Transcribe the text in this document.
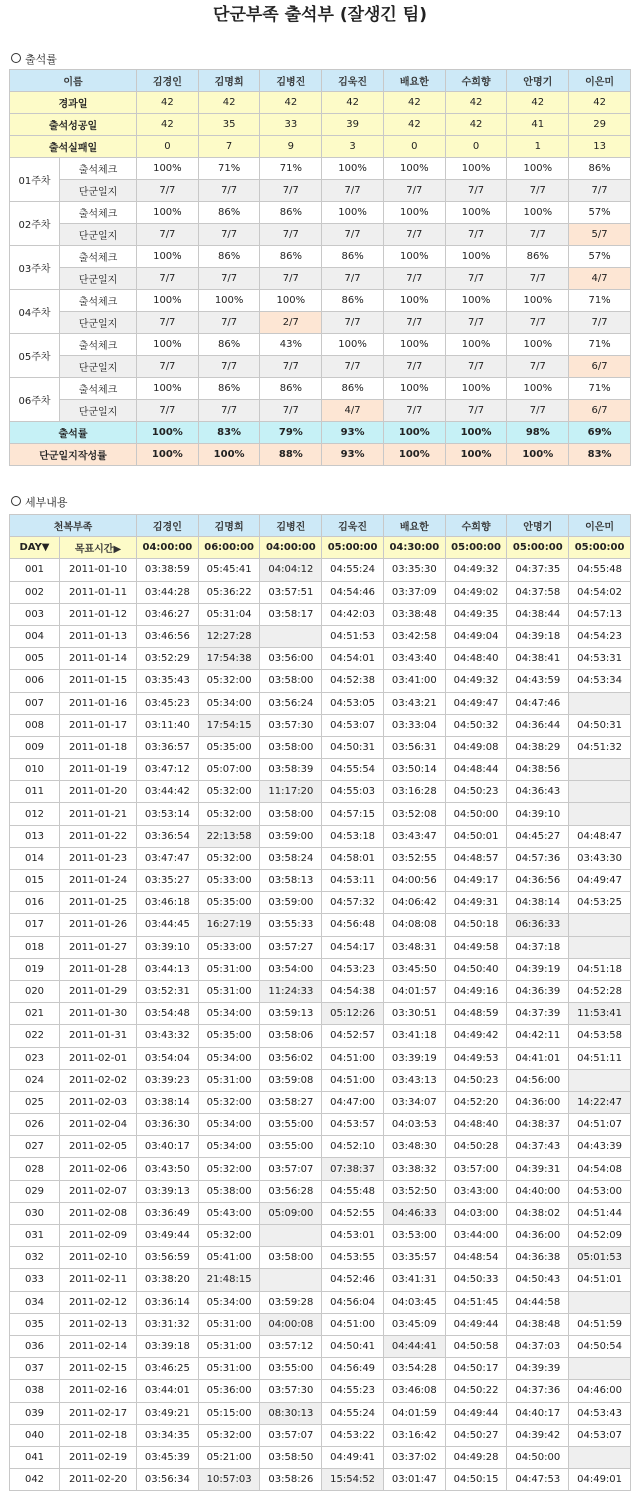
단군부족 출석부 (잘생긴 팀)
출석률
이름		김경인	김명희	김병진	김욱진	배요한	수희향	안명기	이은미
경과일		42	42	42	42	42	42	42	42
출석성공일		42	35	33	39	42	42	41	29
출석실패일		0	7	9	3	0	0	1	13
01주차	출석체크	100%	71%	71%	100%	100%	100%	100%	86%
	단군일지	7/7	7/7	7/7	7/7	7/7	7/7	7/7	7/7
02주차	출석체크	100%	86%	86%	100%	100%	100%	100%	57%
	단군일지	7/7	7/7	7/7	7/7	7/7	7/7	7/7	5/7
03주차	출석체크	100%	86%	86%	86%	100%	100%	86%	57%
	단군일지	7/7	7/7	7/7	7/7	7/7	7/7	7/7	4/7
04주차	출석체크	100%	100%	100%	86%	100%	100%	100%	71%
	단군일지	7/7	7/7	2/7	7/7	7/7	7/7	7/7	7/7
05주차	출석체크	100%	86%	43%	100%	100%	100%	100%	71%
	단군일지	7/7	7/7	7/7	7/7	7/7	7/7	7/7	6/7
06주차	출석체크	100%	86%	86%	86%	100%	100%	100%	71%
	단군일지	7/7	7/7	7/7	4/7	7/7	7/7	7/7	6/7
출석률		100%	83%	79%	93%	100%	100%	98%	69%
단군일지작성률		100%	100%	88%	93%	100%	100%	100%	83%
세부내용
천복부족		김경인	김명희	김병진	김욱진	배요한	수희향	안명기	이은미
DAY▼	목표시간▶	04:00:00	06:00:00	04:00:00	05:00:00	04:30:00	05:00:00	05:00:00	05:00:00
001	2011-01-10	03:38:59	05:45:41	04:04:12	04:55:24	03:35:30	04:49:32	04:37:35	04:55:48
002	2011-01-11	03:44:28	05:36:22	03:57:51	04:54:46	03:37:09	04:49:02	04:37:58	04:54:02
003	2011-01-12	03:46:27	05:31:04	03:58:17	04:42:03	03:38:48	04:49:35	04:38:44	04:57:13
004	2011-01-13	03:46:56	12:27:28		04:51:53	03:42:58	04:49:04	04:39:18	04:54:23
005	2011-01-14	03:52:29	17:54:38	03:56:00	04:54:01	03:43:40	04:48:40	04:38:41	04:53:31
006	2011-01-15	03:35:43	05:32:00	03:58:00	04:52:38	03:41:00	04:49:32	04:43:59	04:53:34
007	2011-01-16	03:45:23	05:34:00	03:56:24	04:53:05	03:43:21	04:49:47	04:47:46	
008	2011-01-17	03:11:40	17:54:15	03:57:30	04:53:07	03:33:04	04:50:32	04:36:44	04:50:31
009	2011-01-18	03:36:57	05:35:00	03:58:00	04:50:31	03:56:31	04:49:08	04:38:29	04:51:32
010	2011-01-19	03:47:12	05:07:00	03:58:39	04:55:54	03:50:14	04:48:44	04:38:56	
011	2011-01-20	03:44:42	05:32:00	11:17:20	04:55:03	03:16:28	04:50:23	04:36:43	
012	2011-01-21	03:53:14	05:32:00	03:58:00	04:57:15	03:52:08	04:50:00	04:39:10	
013	2011-01-22	03:36:54	22:13:58	03:59:00	04:53:18	03:43:47	04:50:01	04:45:27	04:48:47
014	2011-01-23	03:47:47	05:32:00	03:58:24	04:58:01	03:52:55	04:48:57	04:57:36	03:43:30
015	2011-01-24	03:35:27	05:33:00	03:58:13	04:53:11	04:00:56	04:49:17	04:36:56	04:49:47
016	2011-01-25	03:46:18	05:35:00	03:59:00	04:57:32	04:06:42	04:49:31	04:38:14	04:53:25
017	2011-01-26	03:44:45	16:27:19	03:55:33	04:56:48	04:08:08	04:50:18	06:36:33	
018	2011-01-27	03:39:10	05:33:00	03:57:27	04:54:17	03:48:31	04:49:58	04:37:18	
019	2011-01-28	03:44:13	05:31:00	03:54:00	04:53:23	03:45:50	04:50:40	04:39:19	04:51:18
020	2011-01-29	03:52:31	05:31:00	11:24:33	04:54:38	04:01:57	04:49:16	04:36:39	04:52:28
021	2011-01-30	03:54:48	05:34:00	03:59:13	05:12:26	03:30:51	04:48:59	04:37:39	11:53:41
022	2011-01-31	03:43:32	05:35:00	03:58:06	04:52:57	03:41:18	04:49:42	04:42:11	04:53:58
023	2011-02-01	03:54:04	05:34:00	03:56:02	04:51:00	03:39:19	04:49:53	04:41:01	04:51:11
024	2011-02-02	03:39:23	05:31:00	03:59:08	04:51:00	03:43:13	04:50:23	04:56:00	
025	2011-02-03	03:38:14	05:32:00	03:58:27	04:47:00	03:34:07	04:52:20	04:36:00	14:22:47
026	2011-02-04	03:36:30	05:34:00	03:55:00	04:53:57	04:03:53	04:48:40	04:38:37	04:51:07
027	2011-02-05	03:40:17	05:34:00	03:55:00	04:52:10	03:48:30	04:50:28	04:37:43	04:43:39
028	2011-02-06	03:43:50	05:32:00	03:57:07	07:38:37	03:38:32	03:57:00	04:39:31	04:54:08
029	2011-02-07	03:39:13	05:38:00	03:56:28	04:55:48	03:52:50	03:43:00	04:40:00	04:53:00
030	2011-02-08	03:36:49	05:43:00	05:09:00	04:52:55	04:46:33	04:03:00	04:38:02	04:51:44
031	2011-02-09	03:49:44	05:32:00		04:53:01	03:53:00	03:44:00	04:36:00	04:52:09
032	2011-02-10	03:56:59	05:41:00	03:58:00	04:53:55	03:35:57	04:48:54	04:36:38	05:01:53
033	2011-02-11	03:38:20	21:48:15		04:52:46	03:41:31	04:50:33	04:50:43	04:51:01
034	2011-02-12	03:36:14	05:34:00	03:59:28	04:56:04	04:03:45	04:51:45	04:44:58	
035	2011-02-13	03:31:32	05:31:00	04:00:08	04:51:00	03:45:09	04:49:44	04:38:48	04:51:59
036	2011-02-14	03:39:18	05:31:00	03:57:12	04:50:41	04:44:41	04:50:58	04:37:03	04:50:54
037	2011-02-15	03:46:25	05:31:00	03:55:00	04:56:49	03:54:28	04:50:17	04:39:39	
038	2011-02-16	03:44:01	05:36:00	03:57:30	04:55:23	03:46:08	04:50:22	04:37:36	04:46:00
039	2011-02-17	03:49:21	05:15:00	08:30:13	04:55:24	04:01:59	04:49:44	04:40:17	04:53:43
040	2011-02-18	03:34:35	05:32:00	03:57:07	04:53:22	03:16:42	04:50:27	04:39:42	04:53:07
041	2011-02-19	03:45:39	05:21:00	03:58:50	04:49:41	03:37:02	04:49:28	04:50:00	
042	2011-02-20	03:56:34	10:57:03	03:58:26	15:54:52	03:01:47	04:50:15	04:47:53	04:49:01
